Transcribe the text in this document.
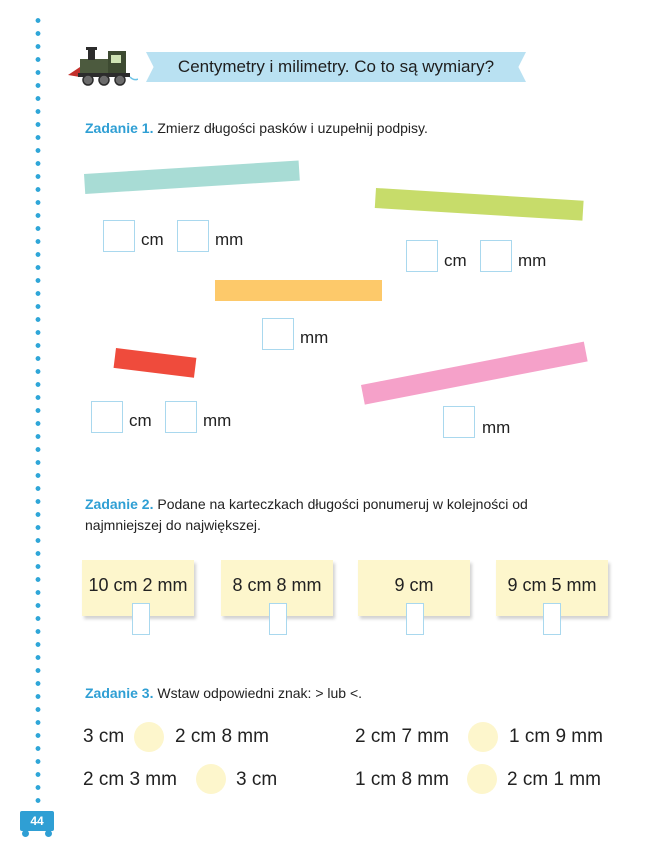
44
Centymetry i milimetry. Co to są wymiary?
Zadanie 1. Zmierz długości pasków i uzupełnij podpisy.
cm	mm
cm	mm
mm
cm	mm	mm
Zadanie 2. Podane na karteczkach długości ponumeruj w kolejności od
najmniejszej do największej.
10 cm 2 mm	8 cm 8 mm	9 cm	9 cm 5 mm
Zadanie 3. Wstaw odpowiedni znak: > lub <.
3 cm	2 cm 8 mm	2 cm 7 mm	1 cm 9 mm
2 cm 3 mm	3 cm	1 cm 8 mm	2 cm 1 mm
